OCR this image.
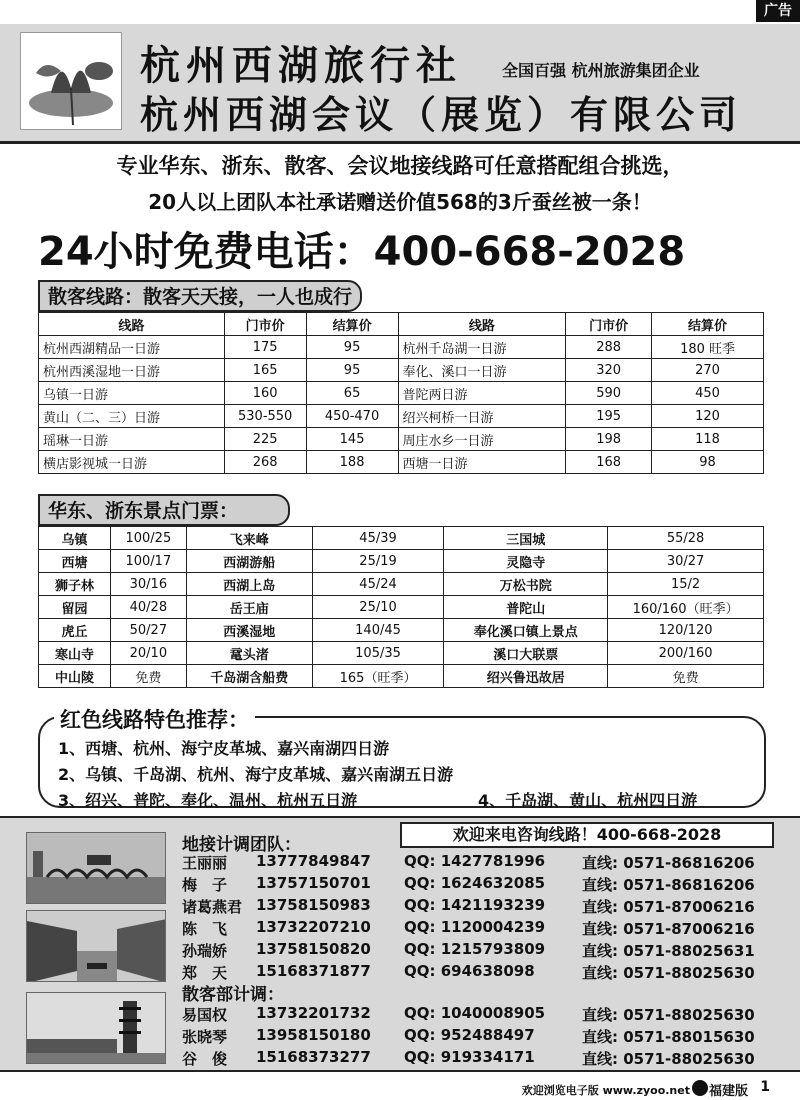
广告
杭州西湖旅行社	全国百强 杭州旅游集团企业
杭州西湖会议（展览）有限公司
专业华东、浙东、散客、会议地接线路可任意搭配组合挑选，
20人以上团队本社承诺赠送价值568的3斤蚕丝被一条！
24小时免费电话：400-668-2028
散客线路：散客天天接，一人也成行
线路	门市价	结算价	线路	门市价	结算价
杭州西湖精品一日游	175	95	杭州千岛湖一日游	288	180 旺季
杭州西溪湿地一日游	165	95	奉化、溪口一日游	320	270
乌镇一日游	160	65	普陀两日游	590	450
黄山（二、三）日游	530-550	450-470	绍兴柯桥一日游	195	120
瑶琳一日游	225	145	周庄水乡一日游	198	118
横店影视城一日游	268	188	西塘一日游	168	98
华东、浙东景点门票：
乌镇	100/25	飞来峰	45/39	三国城	55/28
西塘	100/17	西湖游船	25/19	灵隐寺	30/27
狮子林	30/16	西湖上岛	45/24	万松书院	15/2
留园	40/28	岳王庙	25/10	普陀山	160/160（旺季）
虎丘	50/27	西溪湿地	140/45	奉化溪口镇上景点	120/120
寒山寺	20/10	鼋头渚	105/35	溪口大联票	200/160
中山陵	免费	千岛湖含船费	165（旺季）	绍兴鲁迅故居	免费
红色线路特色推荐：
1、西塘、杭州、海宁皮革城、嘉兴南湖四日游
2、乌镇、千岛湖、杭州、海宁皮革城、嘉兴南湖五日游
3、绍兴、普陀、奉化、温州、杭州五日游	4、千岛湖、黄山、杭州四日游
地接计调团队：
欢迎来电咨询线路！400-668-2028
王丽丽	13777849847 QQ: 1427781996 直线: 0571-86816206
梅　子	13757150701 QQ: 1624632085 直线: 0571-86816206
诸葛燕君 13758150983 QQ: 1421193239 直线: 0571-87006216
陈　飞	13732207210 QQ: 1120004239 直线: 0571-87006216
孙瑞娇	13758150820 QQ: 1215793809 直线: 0571-88025631
郑　天	15168371877 QQ: 694638098	直线: 0571-88025630
散客部计调：
易国权	13732201732 QQ: 1040008905 直线: 0571-88025630
张晓琴	13958150180 QQ: 952488497	直线: 0571-88015630
谷　俊	15168373277 QQ: 919334171	直线: 0571-88025630
欢迎浏览电子版 www.zyoo.net 福建版 1
